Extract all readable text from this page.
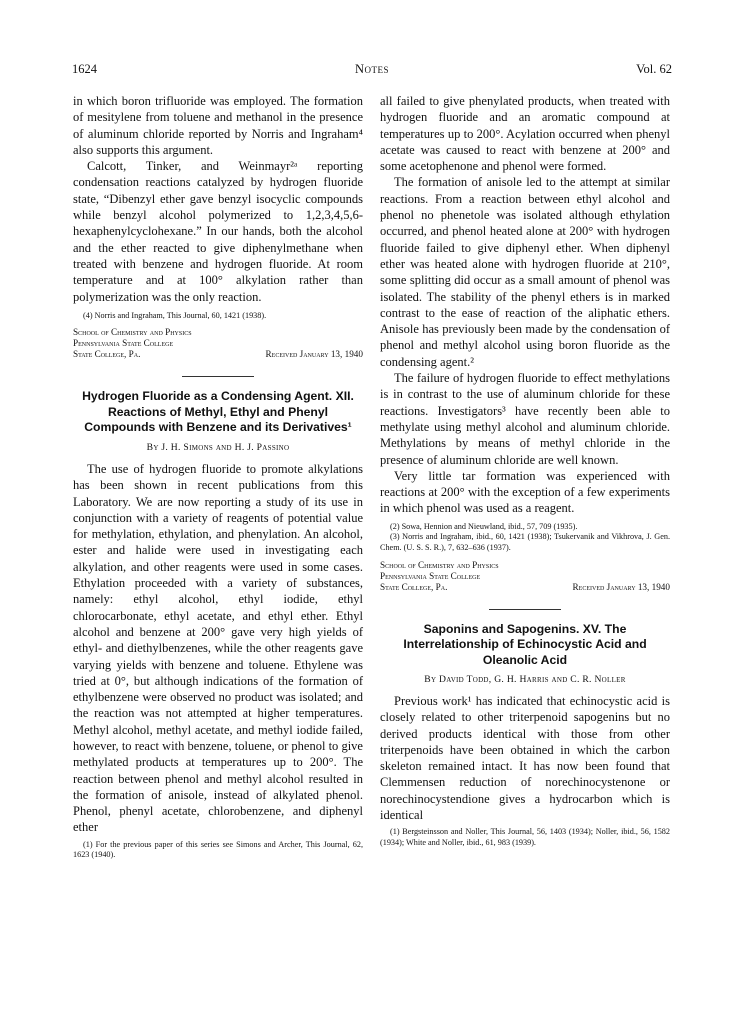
1624	Notes	Vol. 62

in which boron trifluoride was employed. The formation of mesitylene from toluene and methanol in the presence of aluminum chloride reported by Norris and Ingraham⁴ also supports this argument.

Calcott, Tinker, and Weinmayr²ᵃ reporting condensation reactions catalyzed by hydrogen fluoride state, “Dibenzyl ether gave benzyl isocyclic compounds while benzyl alcohol polymerized to 1,2,3,4,5,6-hexaphenylcyclohexane.” In our hands, both the alcohol and the ether reacted to give diphenylmethane when treated with benzene and hydrogen fluoride. At room temperature and at 100° alkylation rather than polymerization was the only reaction.

(4) Norris and Ingraham, This Journal, 60, 1421 (1938).

School of Chemistry and Physics

Pennsylvania State College

State College, Pa.	Received January 13, 1940
Hydrogen Fluoride as a Condensing Agent. XII. Reactions of Methyl, Ethyl and Phenyl Compounds with Benzene and its Derivatives¹

By J. H. Simons and H. J. Passino

The use of hydrogen fluoride to promote alkylations has been shown in recent publications from this Laboratory. We are now reporting a study of its use in conjunction with a variety of reagents of potential value for methylation, ethylation, and phenylation. An alcohol, ester and halide were used in investigating each alkylation, and other reagents were used in some cases. Ethylation proceeded with a variety of substances, namely: ethyl alcohol, ethyl iodide, ethyl chlorocarbonate, ethyl acetate, and ethyl ether. Ethyl alcohol and benzene at 200° gave very high yields of ethyl- and diethylbenzenes, while the other reagents gave varying yields with benzene and toluene. Ethylene was tried at 0°, but although indications of the formation of ethylbenzene were observed no product was isolated; and the reaction was not attempted at higher temperatures. Methyl alcohol, methyl acetate, and methyl iodide failed, however, to react with benzene, toluene, or phenol to give methylated products at temperatures up to 200°. The reaction between phenol and methyl alcohol resulted in the formation of anisole, instead of alkylated phenol. Phenol, phenyl acetate, chlorobenzene, and diphenyl ether

(1) For the previous paper of this series see Simons and Archer, This Journal, 62, 1623 (1940).

all failed to give phenylated products, when treated with hydrogen fluoride and an aromatic compound at temperatures up to 200°. Acylation occurred when phenyl acetate was caused to react with benzene at 200° and some acetophenone and phenol were formed.

The formation of anisole led to the attempt at similar reactions. From a reaction between ethyl alcohol and phenol no phenetole was isolated although ethylation occurred, and phenol heated alone at 200° with hydrogen fluoride failed to give diphenyl ether. When diphenyl ether was heated alone with hydrogen fluoride at 210°, some splitting did occur as a small amount of phenol was isolated. The stability of the phenyl ethers is in marked contrast to the ease of reaction of the aliphatic ethers. Anisole has previously been made by the condensation of phenol and methyl alcohol using boron fluoride as the condensing agent.²

The failure of hydrogen fluoride to effect methylations is in contrast to the use of aluminum chloride for these reactions. Investigators³ have recently been able to methylate using methyl alcohol and aluminum chloride. Methylations by means of methyl chloride in the presence of aluminum chloride are well known.

Very little tar formation was experienced with reactions at 200° with the exception of a few experiments in which phenol was used as a reagent.

(2) Sowa, Hennion and Nieuwland, ibid., 57, 709 (1935).

(3) Norris and Ingraham, ibid., 60, 1421 (1938); Tsukervanik and Vikhrova, J. Gen. Chem. (U. S. S. R.), 7, 632–636 (1937).

School of Chemistry and Physics

Pennsylvania State College

State College, Pa.	Received January 13, 1940
Saponins and Sapogenins. XV. The Interrelationship of Echinocystic Acid and Oleanolic Acid

By David Todd, G. H. Harris and C. R. Noller

Previous work¹ has indicated that echinocystic acid is closely related to other triterpenoid sapogenins but no derived products identical with those from other triterpenoids have been obtained in which the carbon skeleton remained intact. It has now been found that Clemmensen reduction of norechinocystenone or norechinocystendione gives a hydrocarbon which is identical

(1) Bergsteinsson and Noller, This Journal, 56, 1403 (1934); Noller, ibid., 56, 1582 (1934); White and Noller, ibid., 61, 983 (1939).
